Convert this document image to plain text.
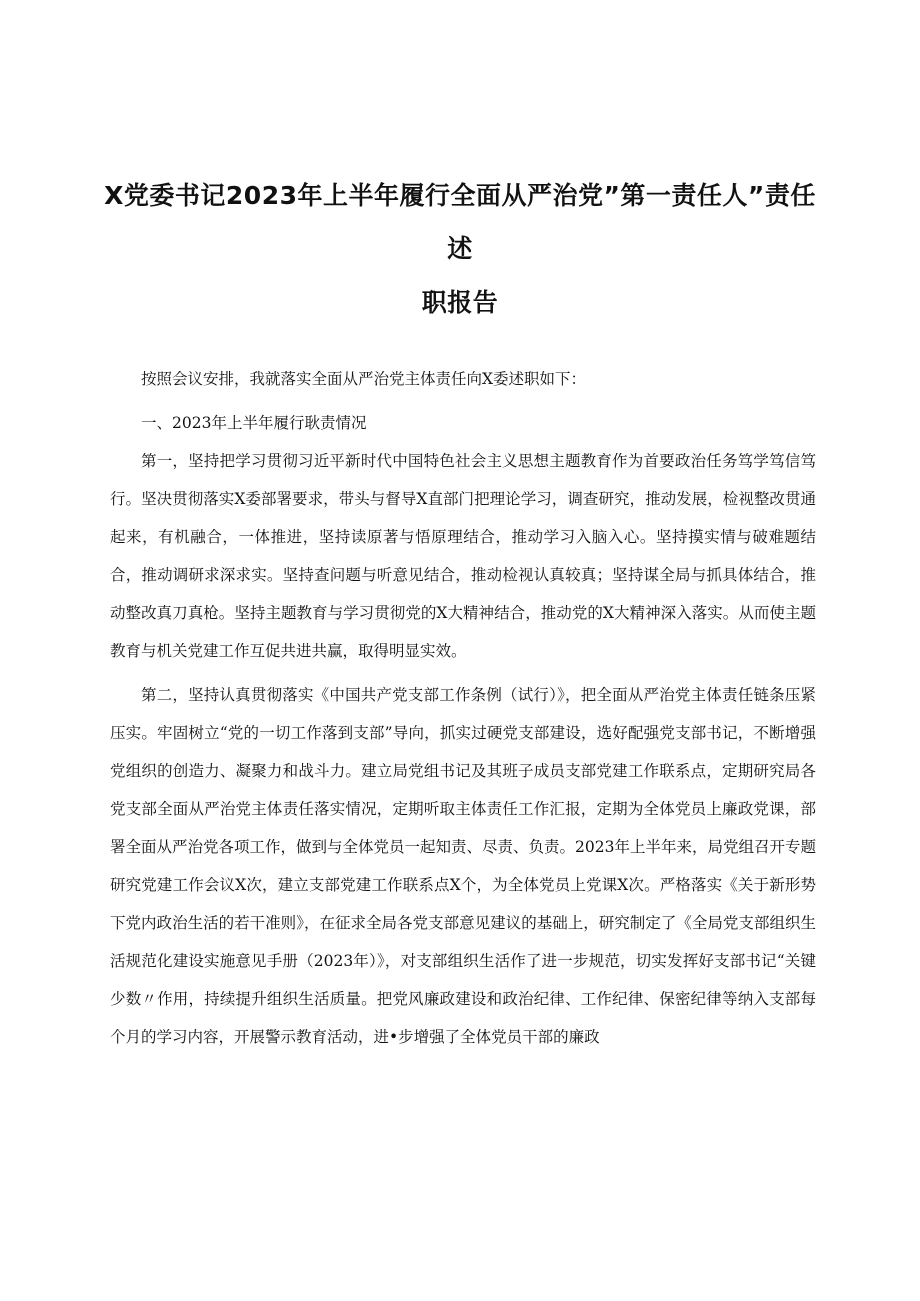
X党委书记2023年上半年履行全面从严治党”第一责任人”责任
述
职报告

按照会议安排，我就落实全面从严治党主体责任向X委述职如下：

一、2023年上半年履行耿责情况

第一，坚持把学习贯彻习近平新时代中国特色社会主义思想主题教育作为首要政治任务笃学笃信笃行。坚决贯彻落实X委部署要求，带头与督导X直部门把理论学习，调查研究，推动发展，检视整改贯通起来，有机融合，一体推进，坚持读原著与悟原理结合，推动学习入脑入心。坚持摸实情与破难题结合，推动调研求深求实。坚持查问题与听意见结合，推动检视认真较真；坚持谋全局与抓具体结合，推动整改真刀真枪。坚持主题教育与学习贯彻党的X大精神结合，推动党的X大精神深入落实。从而使主题教育与机关党建工作互促共进共赢，取得明显实效。

第二，坚持认真贯彻落实《中国共产党支部工作条例（试行）》，把全面从严治党主体责任链条压紧压实。牢固树立“党的一切工作落到支部”导向，抓实过硬党支部建设，选好配强党支部书记，不断增强党组织的创造力、凝聚力和战斗力。建立局党组书记及其班子成员支部党建工作联系点，定期研究局各党支部全面从严治党主体责任落实情况，定期听取主体责任工作汇报，定期为全体党员上廉政党课，部署全面从严治党各项工作，做到与全体党员一起知责、尽责、负责。2023年上半年来，局党组召开专题研究党建工作会议X次，建立支部党建工作联系点X个，为全体党员上党课X次。严格落实《关于新形势下党内政治生活的若干准则》，在征求全局各党支部意见建议的基础上，研究制定了《全局党支部组织生活规范化建设实施意见手册（2023年）》，对支部组织生活作了进一步规范，切实发挥好支部书记“关键少数〃作用，持续提升组织生活质量。把党风廉政建设和政治纪律、工作纪律、保密纪律等纳入支部每个月的学习内容，开展警示教育活动，进•步增强了全体党员干部的廉政
